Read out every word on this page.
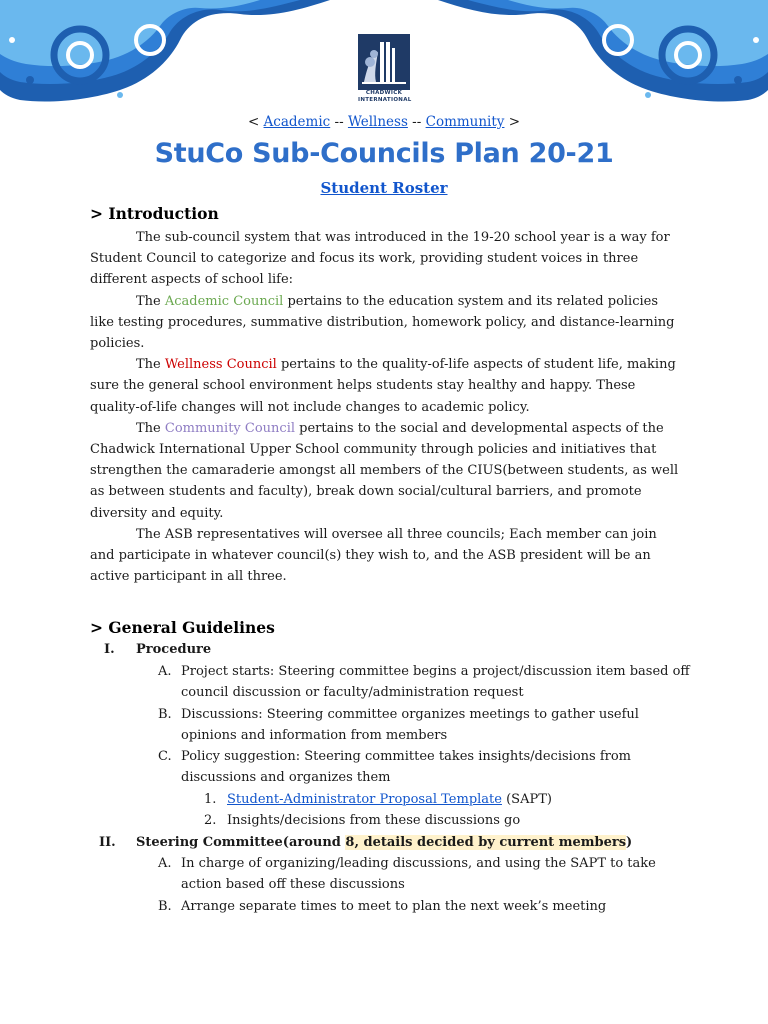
CHADWICK
INTERNATIONAL
< Academic -- Wellness -- Community >
StuCo Sub-Councils Plan 20-21
Student Roster
> Introduction

The sub-council system that was introduced in the 19-20 school year is a way for Student Council to categorize and focus its work, providing student voices in three different aspects of school life:

The Academic Council pertains to the education system and its related policies like testing procedures, summative distribution, homework policy, and distance-learning policies.

The Wellness Council pertains to the quality-of-life aspects of student life, making sure the general school environment helps students stay healthy and happy. These quality-of-life changes will not include changes to academic policy.

The Community Council pertains to the social and developmental aspects of the Chadwick International Upper School community through policies and initiatives that strengthen the camaraderie amongst all members of the CIUS(between students, as well as between students and faculty), break down social/cultural barriers, and promote diversity and equity.

The ASB representatives will oversee all three councils; Each member can join and participate in whatever council(s) they wish to, and the ASB president will be an active participant in all three.

> General Guidelines
I. Procedure
A. Project starts: Steering committee begins a project/discussion item based off
council discussion or faculty/administration request
B. Discussions: Steering committee organizes meetings to gather useful
opinions and information from members
C. Policy suggestion: Steering committee takes insights/decisions from
discussions and organizes them
1. Student-Administrator Proposal Template (SAPT)
2. Insights/decisions from these discussions go
II. Steering Committee(around 8, details decided by current members)
A. In charge of organizing/leading discussions, and using the SAPT to take
action based off these discussions
B. Arrange separate times to meet to plan the next week’s meeting
